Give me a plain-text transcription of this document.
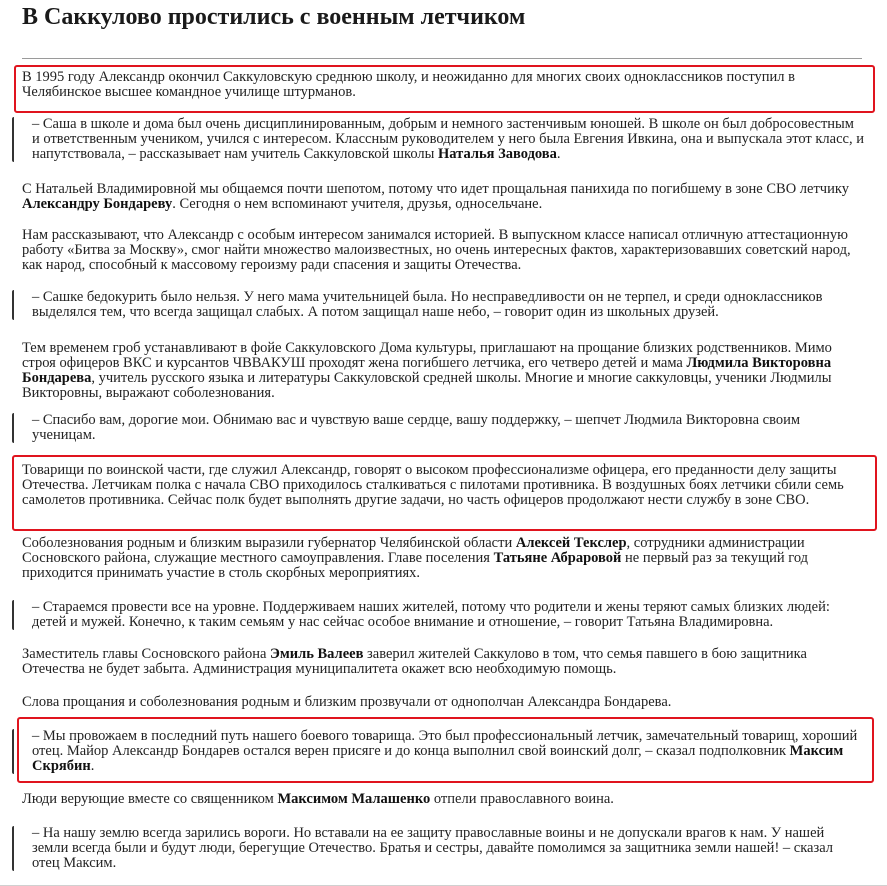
В Саккулово простились с военным летчиком

В 1995 году Александр окончил Саккуловскую среднюю школу, и неожиданно для многих своих одноклассников поступил в Челябинское высшее командное училище штурманов.

– Саша в школе и дома был очень дисциплинированным, добрым и немного застенчивым юношей. В школе он был добросовестным и ответственным учеником, учился с интересом. Классным руководителем у него была Евгения Ивкина, она и выпускала этот класс, и напутствовала, – рассказывает нам учитель Саккуловской школы Наталья Заводова.

С Натальей Владимировной мы общаемся почти шепотом, потому что идет прощальная панихида по погибшему в зоне СВО летчику Александру Бондареву. Сегодня о нем вспоминают учителя, друзья, односельчане.

Нам рассказывают, что Александр с особым интересом занимался историей. В выпускном классе написал отличную аттестационную работу «Битва за Москву», смог найти множество малоизвестных, но очень интересных фактов, характеризовавших советский народ, как народ, способный к массовому героизму ради спасения и защиты Отечества.

– Сашке бедокурить было нельзя. У него мама учительницей была. Но несправедливости он не терпел, и среди одноклассников выделялся тем, что всегда защищал слабых. А потом защищал наше небо, – говорит один из школьных друзей.

Тем временем гроб устанавливают в фойе Саккуловского Дома культуры, приглашают на прощание близких родственников. Мимо строя офицеров ВКС и курсантов ЧВВАКУШ проходят жена погибшего летчика, его четверо детей и мама Людмила Викторовна Бондарева, учитель русского языка и литературы Саккуловской средней школы. Многие и многие саккуловцы, ученики Людмилы Викторовны, выражают соболезнования.

– Спасибо вам, дорогие мои. Обнимаю вас и чувствую ваше сердце, вашу поддержку, – шепчет Людмила Викторовна своим ученицам.

Товарищи по воинской части, где служил Александр, говорят о высоком профессионализме офицера, его преданности делу защиты Отечества. Летчикам полка с начала СВО приходилось сталкиваться с пилотами противника. В воздушных боях летчики сбили семь самолетов противника. Сейчас полк будет выполнять другие задачи, но часть офицеров продолжают нести службу в зоне СВО.

Соболезнования родным и близким выразили губернатор Челябинской области Алексей Текслер, сотрудники администрации Сосновского района, служащие местного самоуправления. Главе поселения Татьяне Абраровой не первый раз за текущий год приходится принимать участие в столь скорбных мероприятиях.

– Стараемся провести все на уровне. Поддерживаем наших жителей, потому что родители и жены теряют самых близких людей: детей и мужей. Конечно, к таким семьям у нас сейчас особое внимание и отношение, – говорит Татьяна Владимировна.

Заместитель главы Сосновского района Эмиль Валеев заверил жителей Саккулово в том, что семья павшего в бою защитника Отечества не будет забыта. Администрация муниципалитета окажет всю необходимую помощь.

Слова прощания и соболезнования родным и близким прозвучали от однополчан Александра Бондарева.

– Мы провожаем в последний путь нашего боевого товарища. Это был профессиональный летчик, замечательный товарищ, хороший отец. Майор Александр Бондарев остался верен присяге и до конца выполнил свой воинский долг, – сказал подполковник Максим Скрябин.

Люди верующие вместе со священником Максимом Малашенко отпели православного воина.

– На нашу землю всегда зарились вороги. Но вставали на ее защиту православные воины и не допускали врагов к нам. У нашей земли всегда были и будут люди, берегущие Отечество. Братья и сестры, давайте помолимся за защитника земли нашей! – сказал отец Максим.
